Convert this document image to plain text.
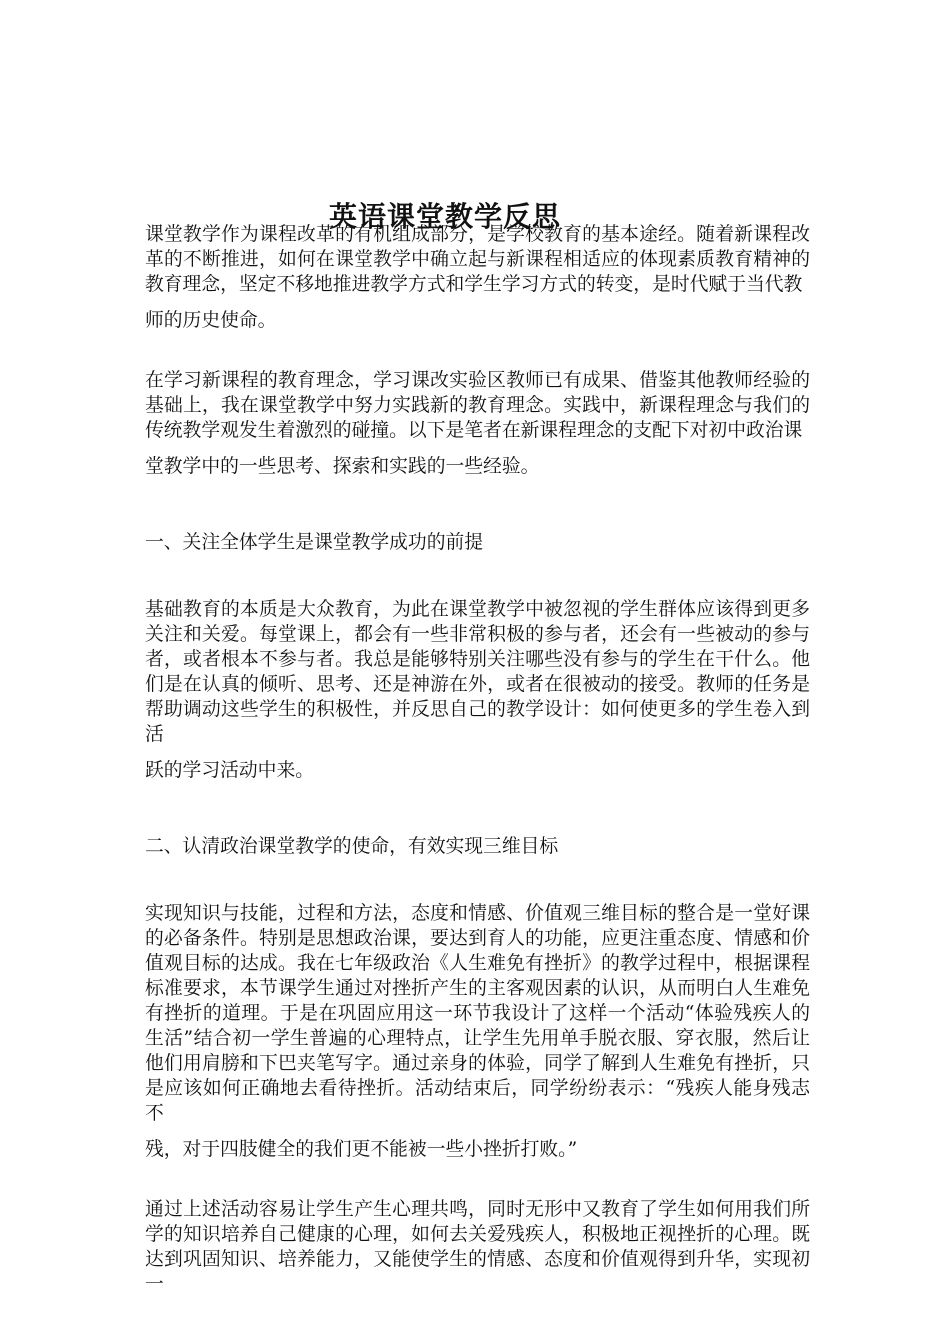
英语课堂教学反思

课堂教学作为课程改革的有机组成部分，是学校教育的基本途经。随着新课程改革的不断推进，如何在课堂教学中确立起与新课程相适应的体现素质教育精神的教育理念，坚定不移地推进教学方式和学生学习方式的转变，是时代赋于当代教
师的历史使命。

在学习新课程的教育理念，学习课改实验区教师已有成果、借鉴其他教师经验的基础上，我在课堂教学中努力实践新的教育理念。实践中，新课程理念与我们的传统教学观发生着激烈的碰撞。以下是笔者在新课程理念的支配下对初中政治课
堂教学中的一些思考、探索和实践的一些经验。

一、关注全体学生是课堂教学成功的前提

基础教育的本质是大众教育，为此在课堂教学中被忽视的学生群体应该得到更多关注和关爱。每堂课上，都会有一些非常积极的参与者，还会有一些被动的参与者，或者根本不参与者。我总是能够特别关注哪些没有参与的学生在干什么。他们是在认真的倾听、思考、还是神游在外，或者在很被动的接受。教师的任务是帮助调动这些学生的积极性，并反思自己的教学设计：如何使更多的学生卷入到活
跃的学习活动中来。

二、认清政治课堂教学的使命，有效实现三维目标

实现知识与技能，过程和方法，态度和情感、价值观三维目标的整合是一堂好课的必备条件。特别是思想政治课，要达到育人的功能，应更注重态度、情感和价值观目标的达成。我在七年级政治《人生难免有挫折》的教学过程中，根据课程标准要求，本节课学生通过对挫折产生的主客观因素的认识，从而明白人生难免有挫折的道理。于是在巩固应用这一环节我设计了这样一个活动“体验残疾人的生活”结合初一学生普遍的心理特点，让学生先用单手脱衣服、穿衣服，然后让他们用肩膀和下巴夹笔写字。通过亲身的体验，同学了解到人生难免有挫折，只是应该如何正确地去看待挫折。活动结束后，同学纷纷表示：“残疾人能身残志不
残，对于四肢健全的我们更不能被一些小挫折打败。”

通过上述活动容易让学生产生心理共鸣，同时无形中又教育了学生如何用我们所学的知识培养自己健康的心理，如何去关爱残疾人，积极地正视挫折的心理。既达到巩固知识、培养能力，又能使学生的情感、态度和价值观得到升华，实现初一
